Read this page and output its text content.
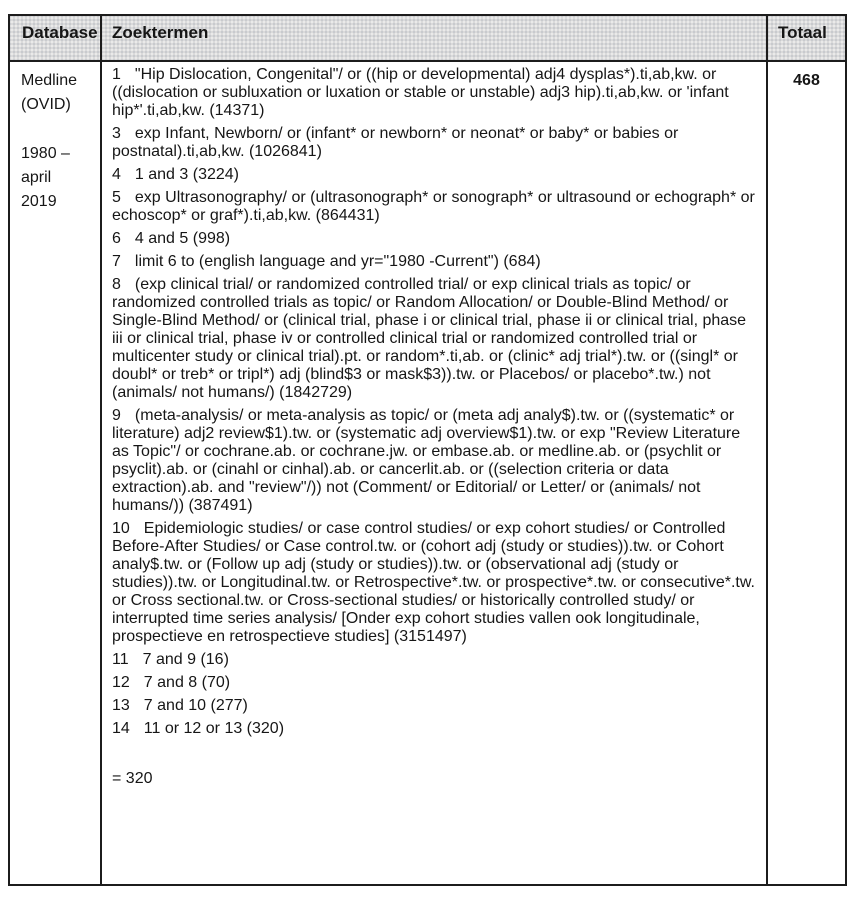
Database Zoektermen	Totaal
Medline
(OVID)
1980 –
april
2019

1 "Hip Dislocation, Congenital"/ or ((hip or developmental) adj4 dysplas*).ti,ab,kw. or ((dislocation or subluxation or luxation or stable or unstable) adj3 hip).ti,ab,kw. or 'infant hip*'.ti,ab,kw. (14371)

3 exp Infant, Newborn/ or (infant* or newborn* or neonat* or baby* or babies or postnatal).ti,ab,kw. (1026841)

4 1 and 3 (3224)

5 exp Ultrasonography/ or (ultrasonograph* or sonograph* or ultrasound or echograph* or echoscop* or graf*).ti,ab,kw. (864431)

6 4 and 5 (998)

7 limit 6 to (english language and yr="1980 -Current") (684)

8 (exp clinical trial/ or randomized controlled trial/ or exp clinical trials as topic/ or randomized controlled trials as topic/ or Random Allocation/ or Double-Blind Method/ or Single-Blind Method/ or (clinical trial, phase i or clinical trial, phase ii or clinical trial, phase iii or clinical trial, phase iv or controlled clinical trial or randomized controlled trial or multicenter study or clinical trial).pt. or random*.ti,ab. or (clinic* adj trial*).tw. or ((singl* or doubl* or treb* or tripl*) adj (blind$3 or mask$3)).tw. or Placebos/ or placebo*.tw.) not (animals/ not humans/) (1842729)

9 (meta-analysis/ or meta-analysis as topic/ or (meta adj analy$).tw. or ((systematic* or literature) adj2 review$1).tw. or (systematic adj overview$1).tw. or exp "Review Literature as Topic"/ or cochrane.ab. or cochrane.jw. or embase.ab. or medline.ab. or (psychlit or psyclit).ab. or (cinahl or cinhal).ab. or cancerlit.ab. or ((selection criteria or data extraction).ab. and "review"/)) not (Comment/ or Editorial/ or Letter/ or (animals/ not humans/)) (387491)

10 Epidemiologic studies/ or case control studies/ or exp cohort studies/ or Controlled Before-After Studies/ or Case control.tw. or (cohort adj (study or studies)).tw. or Cohort analy$.tw. or (Follow up adj (study or studies)).tw. or (observational adj (study or studies)).tw. or Longitudinal.tw. or Retrospective*.tw. or prospective*.tw. or consecutive*.tw. or Cross sectional.tw. or Cross-sectional studies/ or historically controlled study/ or interrupted time series analysis/ [Onder exp cohort studies vallen ook longitudinale, prospectieve en retrospectieve studies] (3151497)

11 7 and 9 (16)

12 7 and 8 (70)

13 7 and 10 (277)

14 11 or 12 or 13 (320)

= 320

468
